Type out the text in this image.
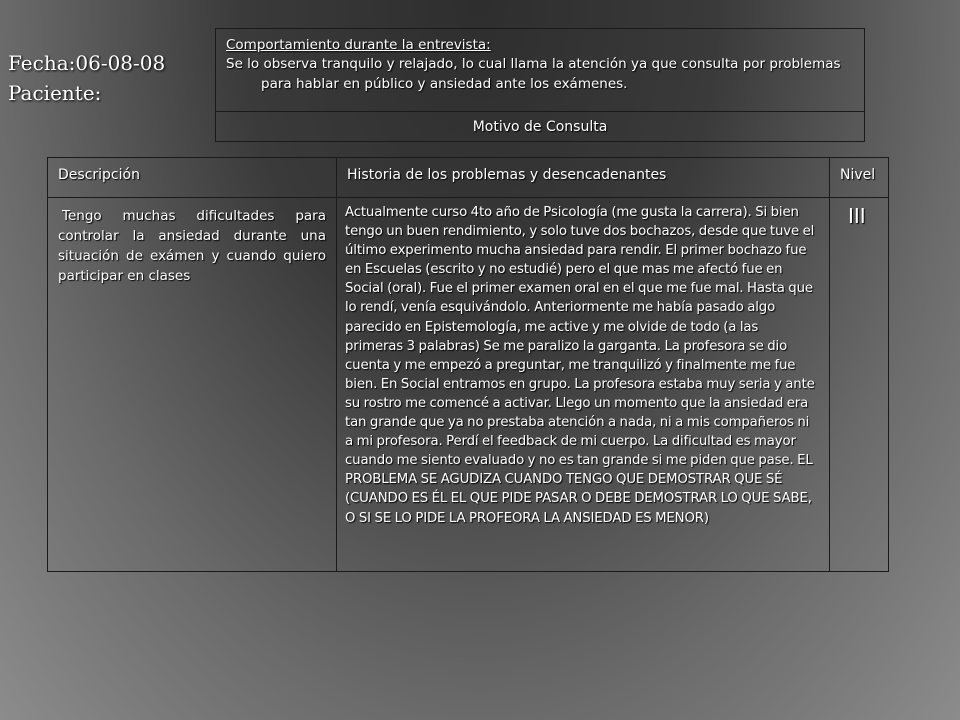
Fecha:06-08-08
Paciente:
Comportamiento durante la entrevista:
Se lo observa tranquilo y relajado, lo cual llama la atención ya que consulta por problemas para hablar en público y ansiedad ante los exámenes.
Motivo de Consulta
Descripción	Historia de los problemas y desencadenantes	Nivel

Tengo muchas dificultades para controlar la ansiedad durante una situación de exámen y cuando quiero participar en clases	Actualmente curso 4to año de Psicología (me gusta la carrera). Si bien tengo un buen rendimiento, y solo tuve dos bochazos, desde que tuve el último experimento mucha ansiedad para rendir. El primer bochazo fue en Escuelas (escrito y no estudié) pero el que mas me afectó fue en Social (oral). Fue el primer examen oral en el que me fue mal. Hasta que lo rendí, venía esquivándolo. Anteriormente me había pasado algo parecido en Epistemología, me active y me olvide de todo (a las primeras 3 palabras) Se me paralizo la garganta. La profesora se dio cuenta y me empezó a preguntar, me tranquilizó y finalmente me fue bien. En Social entramos en grupo. La profesora estaba muy seria y ante su rostro me comencé a activar. Llego un momento que la ansiedad era tan grande que ya no prestaba atención a nada, ni a mis compañeros ni a mi profesora. Perdí el feedback de mi cuerpo. La dificultad es mayor cuando me siento evaluado y no es tan grande si me piden que pase. EL PROBLEMA SE AGUDIZA CUANDO TENGO QUE DEMOSTRAR QUE SÉ (CUANDO ES ÉL EL QUE PIDE PASAR O DEBE DEMOSTRAR LO QUE SABE, O SI SE LO PIDE LA PROFEORA LA ANSIEDAD ES MENOR)	III
